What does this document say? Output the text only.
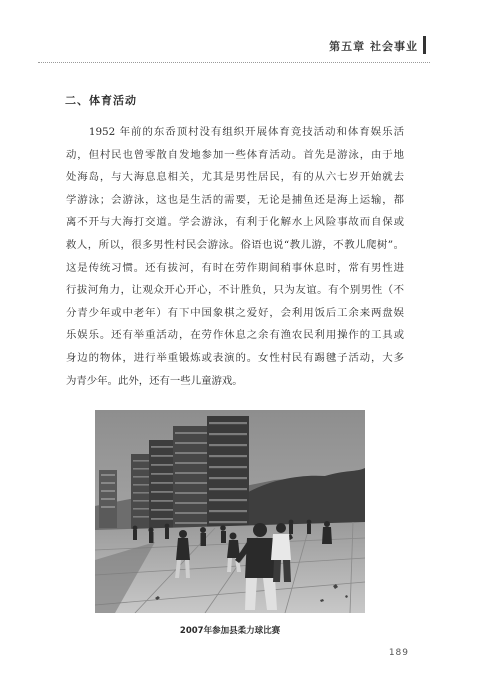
第五章 社会事业
二、体育活动
　　1952 年前的东岙顶村没有组织开展体育竞技活动和体育娱乐活
动，但村民也曾零散自发地参加一些体育活动。首先是游泳，由于地
处海岛，与大海息息相关，尤其是男性居民，有的从六七岁开始就去
学游泳；会游泳，这也是生活的需要，无论是捕鱼还是海上运输，都
离不开与大海打交道。学会游泳，有利于化解水上风险事故而自保或
救人，所以，很多男性村民会游泳。俗语也说“教儿游，不教儿爬树”。
这是传统习惯。还有拔河，有时在劳作期间稍事休息时，常有男性进
行拔河角力，让观众开心开心，不计胜负，只为友谊。有个别男性（不
分青少年或中老年）有下中国象棋之爱好，会利用饭后工余来两盘娱
乐娱乐。还有举重活动，在劳作休息之余有渔农民利用操作的工具或
身边的物体，进行举重锻炼或表演的。女性村民有踢毽子活动，大多
为青少年。此外，还有一些儿童游戏。
2007年参加县柔力球比赛
189
